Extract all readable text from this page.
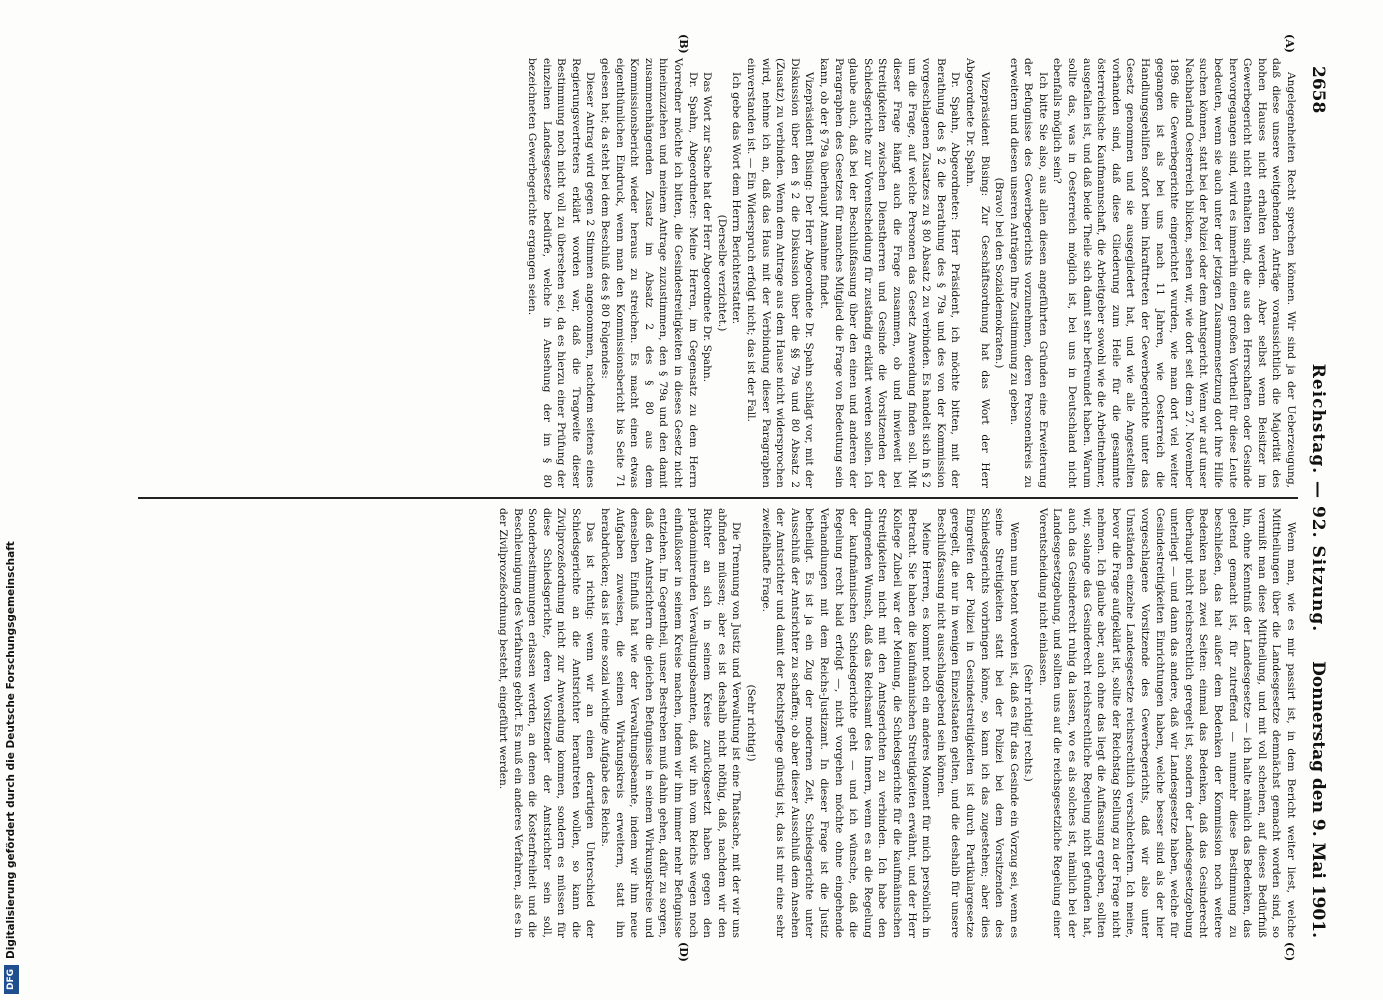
2658
Reichstag. — 92. Sitzung.
Donnerstag den 9. Mai 1901.
(A)
(B)
(C)
(D)

Angelegenheiten Recht sprechen können. Wir sind ja der Ueberzeugung, daß diese unsere weitgehenden Anträge voraussichtlich die Majorität des hohen Hauses nicht erhalten werden. Aber selbst wenn Beisitzer im Gewerbegericht nicht enthalten sind, die aus den Herrschaften oder Gesinde hervorgegangen sind, wird es immerhin einen großen Vortheil für diese Leute bedeuten, wenn sie auch unter der jetzigen Zusammensetzung dort ihre Hilfe suchen können, statt bei der Polizei oder dem Amtsgericht. Wenn wir auf unser Nachbarland Oesterreich blicken, sehen wir, wie dort seit dem 27. November 1896 die Gewerbegerichte eingerichtet wurden, wie man dort viel weiter gegangen ist als bei uns nach 11 Jahren, wie Oesterreich die Handlungsgehilfen sofort beim Inkrafttreten der Gewerbegerichte unter das Gesetz genommen und sie ausgegliedert hat, und wie alle Angestellten vorhanden sind, daß diese Gliederung zum Heile für die gesammte österreichische Kaufmannschaft, die Arbeitgeber sowohl wie die Arbeitnehmer, ausgefallen ist, und daß beide Theile sich damit sehr befreundet haben. Warum sollte das, was in Oesterreich möglich ist, bei uns in Deutschland nicht ebenfalls möglich sein?

Ich bitte Sie also, aus allen diesen angeführten Gründen eine Erweiterung der Befugnisse des Gewerbegerichts vorzunehmen, deren Personenkreis zu erweitern und diesen unseren Anträgen Ihre Zustimmung zu geben.

(Bravo! bei den Sozialdemokraten.)

Vizepräsident Büsing: Zur Geschäftsordnung hat das Wort der Herr Abgeordnete Dr. Spahn.

Dr. Spahn, Abgeordneter: Herr Präsident, ich möchte bitten, mit der Berathung des § 2 die Berathung des § 79a und des von der Kommission vorgeschlagenen Zusatzes zu § 80 Absatz 2 zu verbinden. Es handelt sich in § 2 um die Frage, auf welche Personen das Gesetz Anwendung finden soll. Mit dieser Frage hängt auch die Frage zusammen, ob und inwieweit bei Streitigkeiten zwischen Dienstherren und Gesinde die Vorsitzenden der Schiedsgerichte zur Vorentscheidung für zuständig erklärt werden sollen. Ich glaube auch, daß bei der Beschlußfassung über den einen und anderen der Paragraphen des Gesetzes für manches Mitglied die Frage von Bedeutung sein kann, ob der § 79a überhaupt Annahme findet.

Vizepräsident Büsing: Der Herr Abgeordnete Dr. Spahn schlägt vor, mit der Diskussion über den § 2 die Diskussion über die §§ 79a und 80 Absatz 2 (Zusatz) zu verbinden. Wenn dem Antrage aus dem Hause nicht widersprochen wird, nehme ich an, daß das Haus mit der Verbindung dieser Paragraphen einverstanden ist. — Ein Widerspruch erfolgt nicht; das ist der Fall.

Ich gebe das Wort dem Herrn Berichterstatter.

(Derselbe verzichtet.)

Das Wort zur Sache hat der Herr Abgeordnete Dr. Spahn.

Dr. Spahn, Abgeordneter: Meine Herren, im Gegensatz zu dem Herrn Vorredner möchte ich bitten, die Gesindestreitigkeiten in dieses Gesetz nicht hineinzuziehen und meinem Antrage zuzustimmen, den § 79a und den damit zusammenhängenden Zusatz im Absatz 2 des § 80 aus dem Kommissionsbericht wieder heraus zu streichen. Es macht einen etwas eigenthümlichen Eindruck, wenn man den Kommissionsbericht bis Seite 71 gelesen hat; da steht bei dem Beschluß des § 80 Folgendes:

Dieser Antrag wird gegen 2 Stimmen angenommen, nachdem seitens eines Regierungsvertreters erklärt worden war, daß die Tragweite dieser Bestimmung noch nicht voll zu übersehen sei, da es hierzu einer Prüfung der einzelnen Landesgesetze bedürfe, welche in Ansehung der im § 80 bezeichneten Gewerbegerichte ergangen seien.

Wenn man, wie es mir passirt ist, in dem Bericht weiter liest, welche Mittheilungen über die Landesgesetze demnächst gemacht worden sind, so vermißt man diese Mittheilung, und mit voll scheinen, auf dieses Bedürfniß hin, ohne Kenntniß der Landesgesetze — ich halte nämlich das Bedenken, das geltend gemacht ist, für zutreffend — nunmehr diese Bestimmung zu beschließen, das hat außer dem Bedenken der Kommission noch weitere Bedenken nach zwei Seiten: einmal das Bedenken, daß das Gesinderecht überhaupt nicht reichsrechtlich geregelt ist, sondern der Landesgesetzgebung unterliegt — und dann das andere, daß wir Landesgesetze haben, welche für Gesindestreitigkeiten Einrichtungen haben, welche besser sind als der hier vorgeschlagene Vorsitzende des Gewerbegerichts, daß wir also unter Umständen einzelne Landesgesetze reichsrechtlich verschlechtern. Ich meine, bevor die Frage aufgeklärt ist, sollte der Reichstag Stellung zu der Frage nicht nehmen. Ich glaube aber, auch ohne das liegt die Auffassung ergeben, sollten wir, solange das Gesinderecht reichsrechtliche Regelung nicht gefunden hat, auch das Gesinderecht ruhig da lassen, wo es als solches ist, nämlich bei der Landesgesetzgebung, und sollten uns auf die reichsgesetzliche Regelung einer Vorentscheidung nicht einlassen.

(Sehr richtig! rechts.)

Wenn nun betont worden ist, daß es für das Gesinde ein Vorzug sei, wenn es seine Streitigkeiten statt bei der Polizei bei dem Vorsitzenden des Schiedsgerichts vorbringen könne, so kann ich das zugestehen; aber dies Eingreifen der Polizei in Gesindestreitigkeiten ist durch Partikulargesetze geregelt, die nur in wenigen Einzelstaaten gelten, und die deshalb für unsere Beschlußfassung nicht ausschlaggebend sein können.

Meine Herren, es kommt noch ein anderes Moment für mich persönlich in Betracht. Sie haben die kaufmännischen Streitigkeiten erwähnt, und der Herr Kollege Zubeil war der Meinung, die Schiedsgerichte für die kaufmännischen Streitigkeiten nicht mit den Amtsgerichten zu verbinden. Ich habe den dringenden Wunsch, daß das Reichsamt des Innern, wenn es an die Regelung der kaufmännischen Schiedsgerichte geht — und ich wünsche, daß die Regelung recht bald erfolgt —, nicht vorgehen möchte ohne eingehende Verhandlungen mit dem Reichs-Justizamt. In dieser Frage ist die Justiz betheiligt. Es ist ja ein Zug der modernen Zeit, Schiedsgerichte unter Ausschluß der Amtsrichter zu schaffen; ob aber dieser Ausschluß dem Ansehen der Amtsrichter und damit der Rechtspflege günstig ist, das ist mir eine sehr zweifelhafte Frage.

(Sehr richtig!)

Die Trennung von Justiz und Verwaltung ist eine Thatsache, mit der wir uns abfinden müssen; aber es ist deshalb nicht nöthig, daß, nachdem wir den Richter an sich in seinem Kreise zurückgesetzt haben gegen den prädominirenden Verwaltungsbeamten, daß wir ihn vom Reichs wegen noch einflußloser in seinem Kreise machen, indem wir ihm immer mehr Befugnisse entziehen. Im Gegentheil, unser Bestreben muß dahin gehen, dafür zu sorgen, daß den Amtsrichtern die gleichen Befugnisse in seinem Wirkungskreise und denselben Einfluß hat wie der Verwaltungsbeamte, indem wir ihm neue Aufgaben zuweisen, die seinen Wirkungskreis erweitern, statt ihn herabdrücken; das ist eine sozial wichtige Aufgabe des Reichs.

Das ist richtig: wenn wir an einen derartigen Unterschied der Schiedsgerichte an die Amtsrichter herantreten wollen, so kann die Zivilprozeßordnung nicht zur Anwendung kommen, sondern es müssen für diese Schiedsgerichte, deren Vorsitzender der Amtsrichter sein soll, Sonderbestimmungen erlassen werden, an denen die Kostenfreiheit und die Beschleunigung des Verfahrens gehört. Es muß ein anderes Verfahren, als es in der Zivilprozeßordnung besteht, eingeführt werden.

DFG
Digitalisierung gefördert durch die Deutsche Forschungsgemeinschaft
